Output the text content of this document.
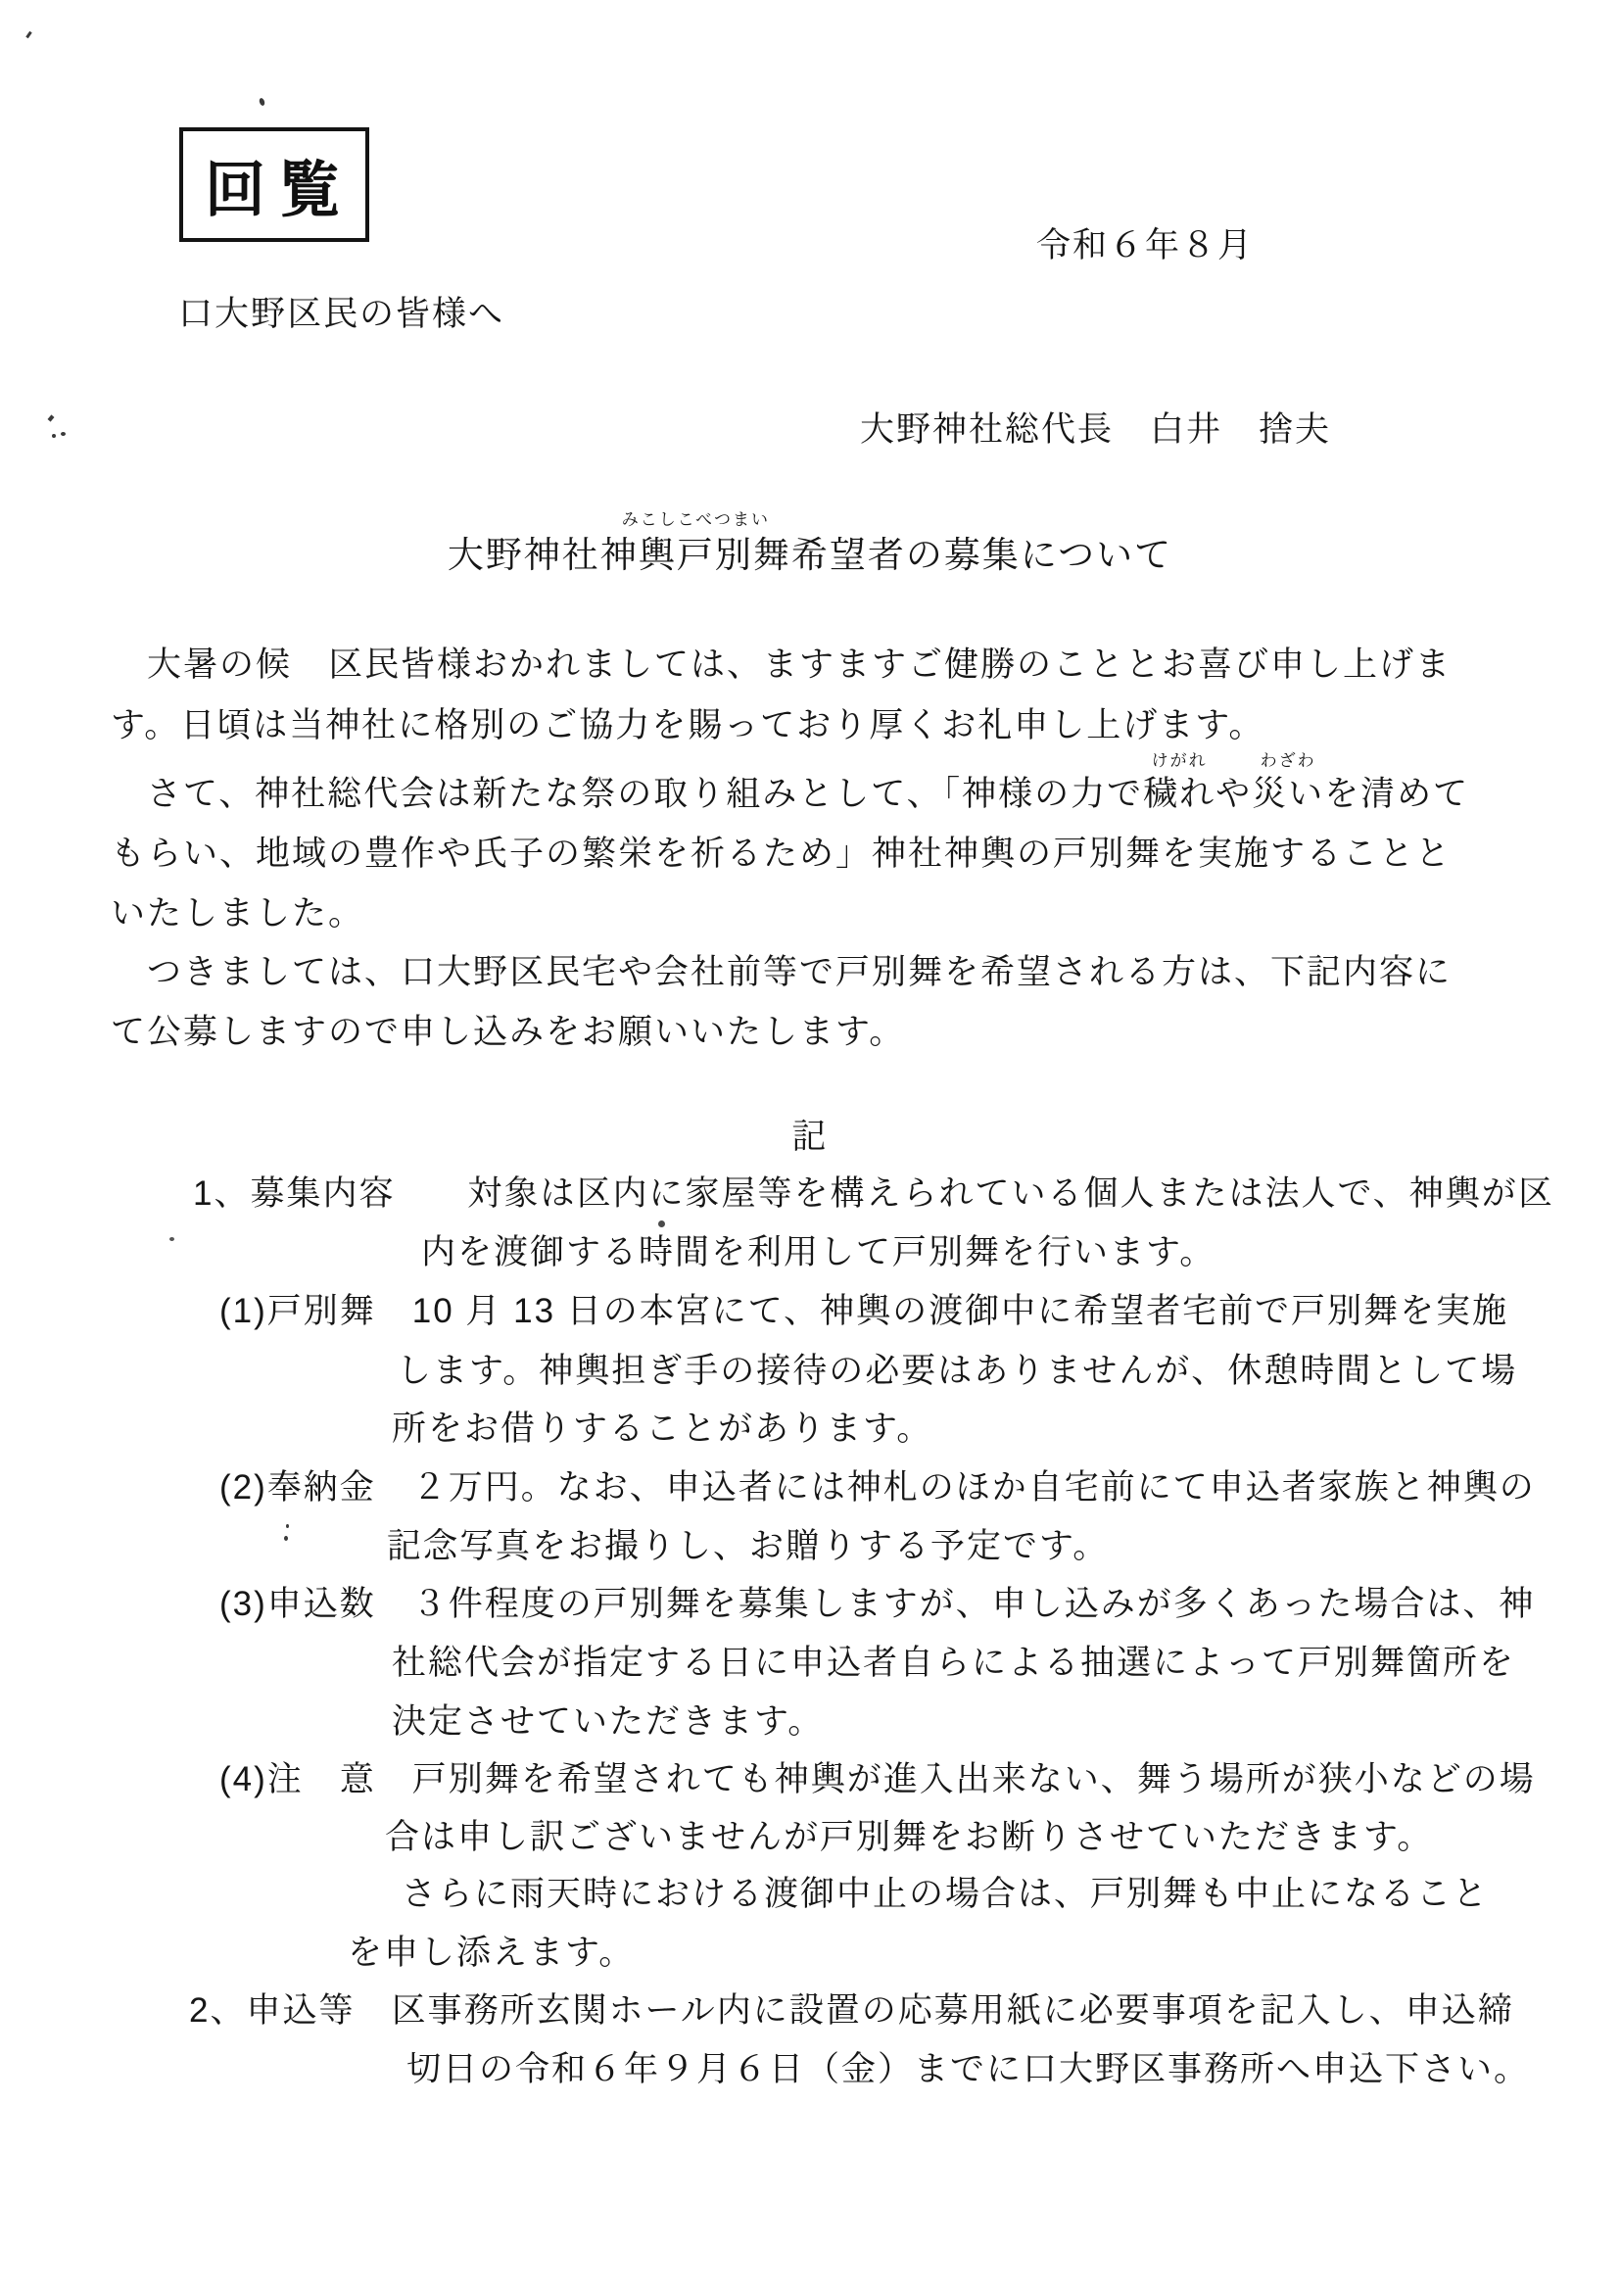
回覧
令和６年８月
口大野区民の皆様へ
大野神社総代長　白井　捨夫
大野神社神輿戸別舞
みこしこべつまい
希望者の募集について
　大暑の候　区民皆様おかれましては、ますますご健勝のこととお喜び申し上げま
す。日頃は当神社に格別のご協力を賜っており厚くお礼申し上げます。
　さて、神社総代会は新たな祭の取り組みとして、「神様の力で穢れ
けがれ
や災い
わざわ
を清めて
もらい、地域の豊作や氏子の繁栄を祈るため」神社神輿の戸別舞を実施することと
いたしました。
　つきましては、口大野区民宅や会社前等で戸別舞を希望される方は、下記内容に
て公募しますので申し込みをお願いいたします。
記
1、募集内容　　対象は区内に家屋等を構えられている個人または法人で、神輿が区
内を渡御する時間を利用して戸別舞を行います。
(1)戸別舞　10 月 13 日の本宮にて、神輿の渡御中に希望者宅前で戸別舞を実施
します。神輿担ぎ手の接待の必要はありませんが、休憩時間として場
所をお借りすることがあります。
(2)奉納金　２万円。なお、申込者には神札のほか自宅前にて申込者家族と神輿の
記念写真をお撮りし、お贈りする予定です。
(3)申込数　３件程度の戸別舞を募集しますが、申し込みが多くあった場合は、神
社総代会が指定する日に申込者自らによる抽選によって戸別舞箇所を
決定させていただきます。
(4)注　意　戸別舞を希望されても神輿が進入出来ない、舞う場所が狭小などの場
合は申し訳ございませんが戸別舞をお断りさせていただきます。
さらに雨天時における渡御中止の場合は、戸別舞も中止になること
を申し添えます。
2、申込等　区事務所玄関ホール内に設置の応募用紙に必要事項を記入し、申込締
切日の令和６年９月６日（金）までに口大野区事務所へ申込下さい。
